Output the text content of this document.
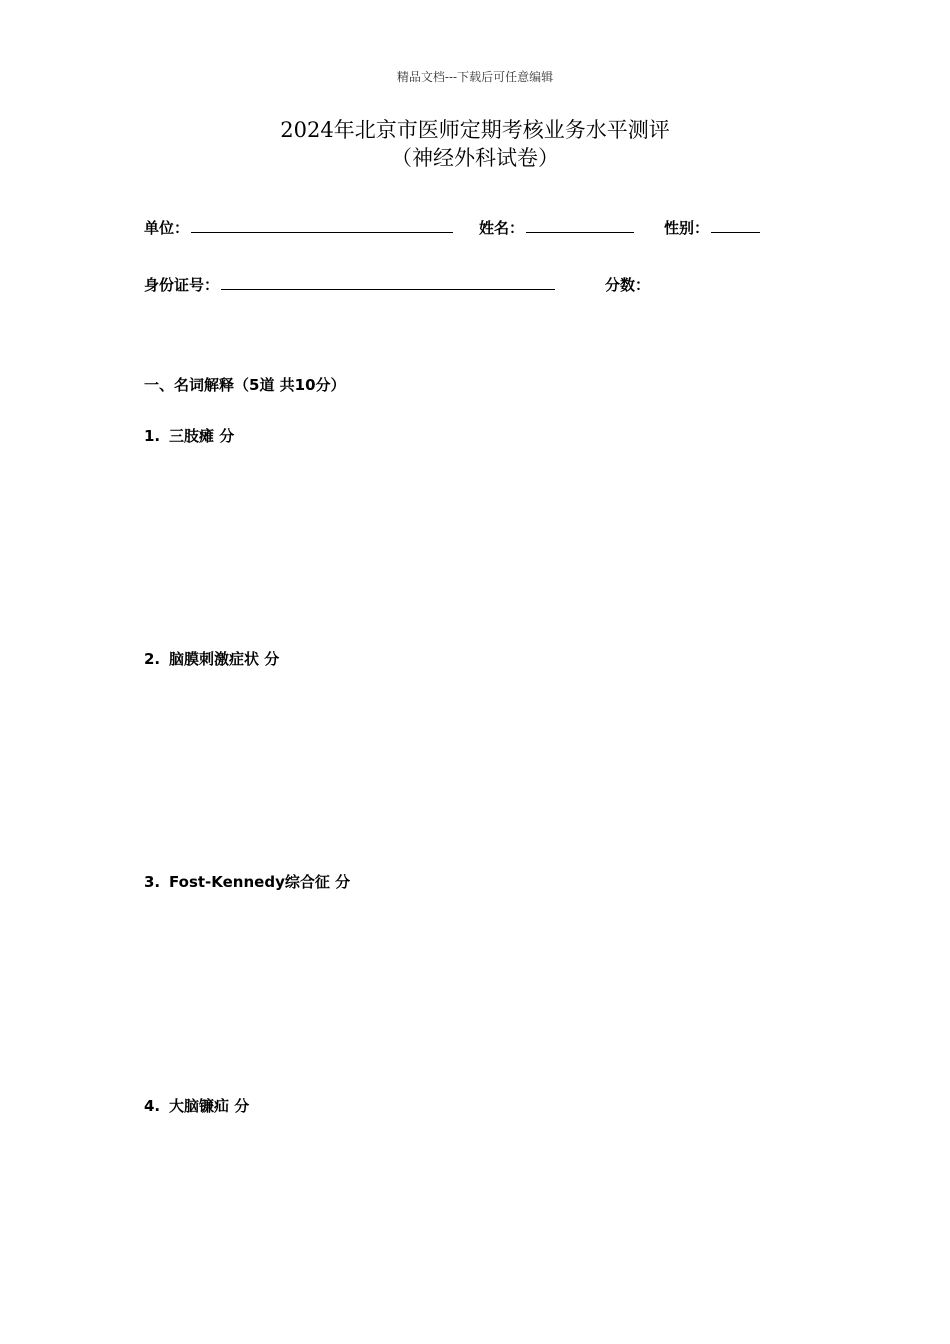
精品文档---下载后可任意编辑
2024年北京市医师定期考核业务水平测评
（神经外科试卷）
单位：	姓名：	性别：
身份证号：	分数：
一、名词解释（5道 共10分）
1. 三肢瘫 分
2. 脑膜刺激症状 分
3. Fost-Kennedy综合征 分
4. 大脑镰疝 分
